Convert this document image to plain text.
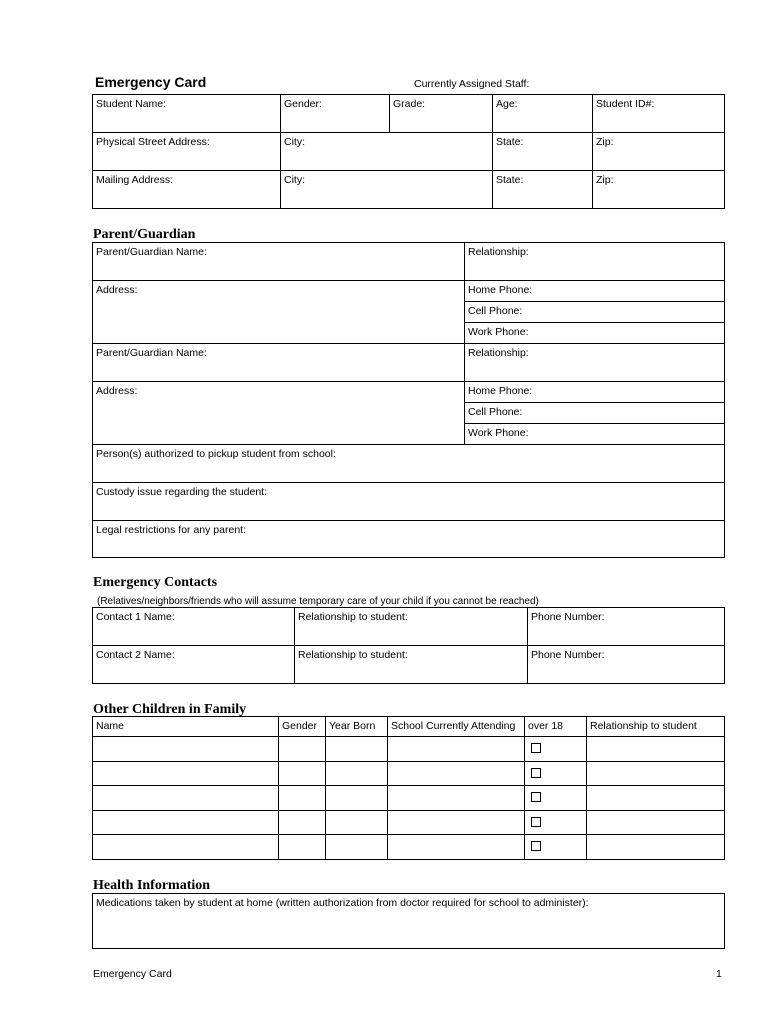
Emergency Card	Currently Assigned Staff:
Student Name:	Gender:	Grade:	Age:	Student ID#:
Physical Street Address:	City:		State:	Zip:
Mailing Address:	City:		State:	Zip:
Parent/Guardian
Parent/Guardian Name:	Relationship:
Address:	Home Phone:
	Cell Phone:
	Work Phone:
Parent/Guardian Name:	Relationship:
Address:	Home Phone:
	Cell Phone:
	Work Phone:
Person(s) authorized to pickup student from school:	
Custody issue regarding the student:	
Legal restrictions for any parent:	
Emergency Contacts
(Relatives/neighbors/friends who will assume temporary care of your child if you cannot be reached)
Contact 1 Name:	Relationship to student:	Phone Number:
Contact 2 Name:	Relationship to student:	Phone Number:
Other Children in Family
Name	Gender	Year Born	School Currently Attending	over 18	Relationship to student

Health Information
Medications taken by student at home (written authorization from doctor required for school to administer):
Emergency Card	1
